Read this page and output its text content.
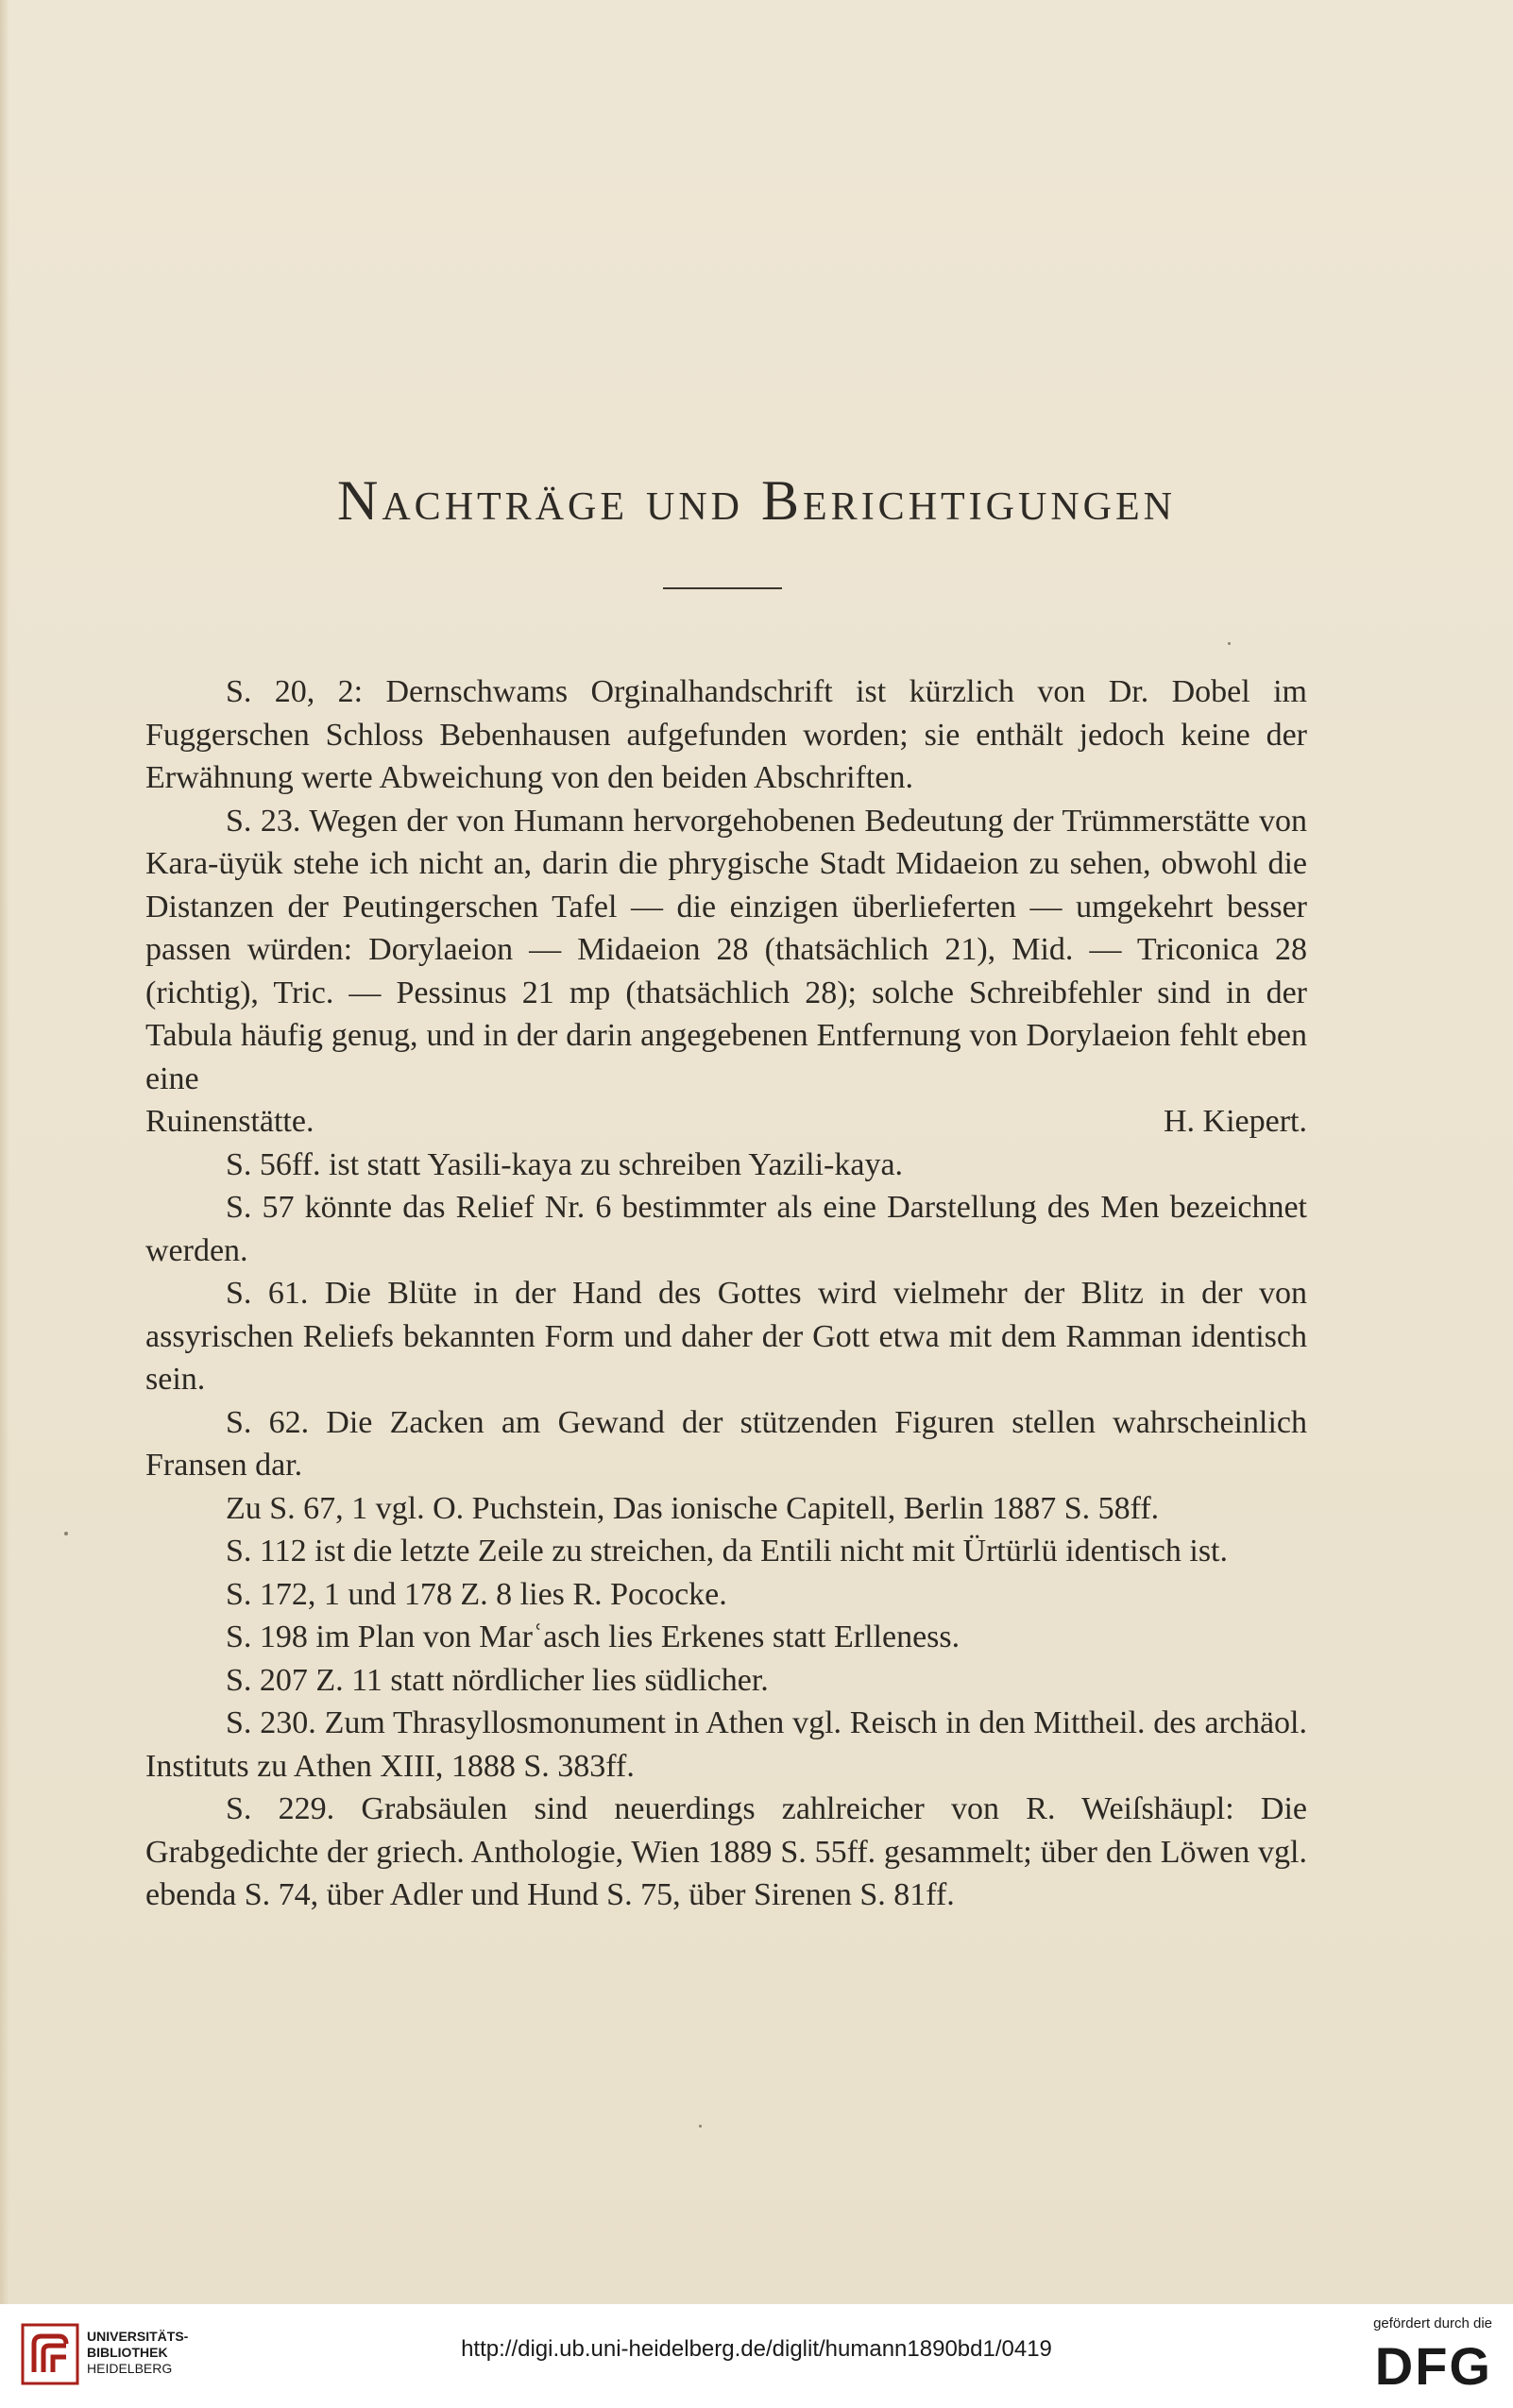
Nachträge und Berichtigungen

S. 20, 2: Dernschwams Orginalhandschrift ist kürzlich von Dr. Dobel im Fuggerschen Schloss Bebenhausen aufgefunden worden; sie enthält jedoch keine der Erwähnung werte Abweichung von den beiden Abschriften.

S. 23. Wegen der von Humann hervorgehobenen Bedeutung der Trümmerstätte von Kara-üyük stehe ich nicht an, darin die phrygische Stadt Midaeion zu sehen, obwohl die Distanzen der Peutingerschen Tafel — die einzigen überlieferten — umgekehrt besser passen würden: Dorylaeion — Midaeion 28 (thatsächlich 21), Mid. — Triconica 28 (richtig), Tric. — Pessinus 21 mp (thatsächlich 28); solche Schreibfehler sind in der Tabula häufig genug, und in der darin angegebenen Entfernung von Dorylaeion fehlt eben eine

Ruinenstätte.	H. Kiepert.

S. 56ff. ist statt Yasili-kaya zu schreiben Yazili-kaya.

S. 57 könnte das Relief Nr. 6 bestimmter als eine Darstellung des Men bezeichnet werden.

S. 61. Die Blüte in der Hand des Gottes wird vielmehr der Blitz in der von assyrischen Reliefs bekannten Form und daher der Gott etwa mit dem Ramman identisch sein.

S. 62. Die Zacken am Gewand der stützenden Figuren stellen wahrscheinlich Fransen dar.

Zu S. 67, 1 vgl. O. Puchstein, Das ionische Capitell, Berlin 1887 S. 58ff.

S. 112 ist die letzte Zeile zu streichen, da Entili nicht mit Ürtürlü identisch ist.

S. 172, 1 und 178 Z. 8 lies R. Pococke.

S. 198 im Plan von Marʿasch lies Erkenes statt Erlleness.

S. 207 Z. 11 statt nördlicher lies südlicher.

S. 230. Zum Thrasyllosmonument in Athen vgl. Reisch in den Mittheil. des archäol. Instituts zu Athen XIII, 1888 S. 383ff.

S. 229. Grabsäulen sind neuerdings zahlreicher von R. Weiſshäupl: Die Grabgedichte der griech. Anthologie, Wien 1889 S. 55ff. gesammelt; über den Löwen vgl. ebenda S. 74, über Adler und Hund S. 75, über Sirenen S. 81ff.

UNIVERSITÄTS-
BIBLIOTHEK
HEIDELBERG
http://digi.ub.uni-heidelberg.de/diglit/humann1890bd1/0419
gefördert durch die
DFG
